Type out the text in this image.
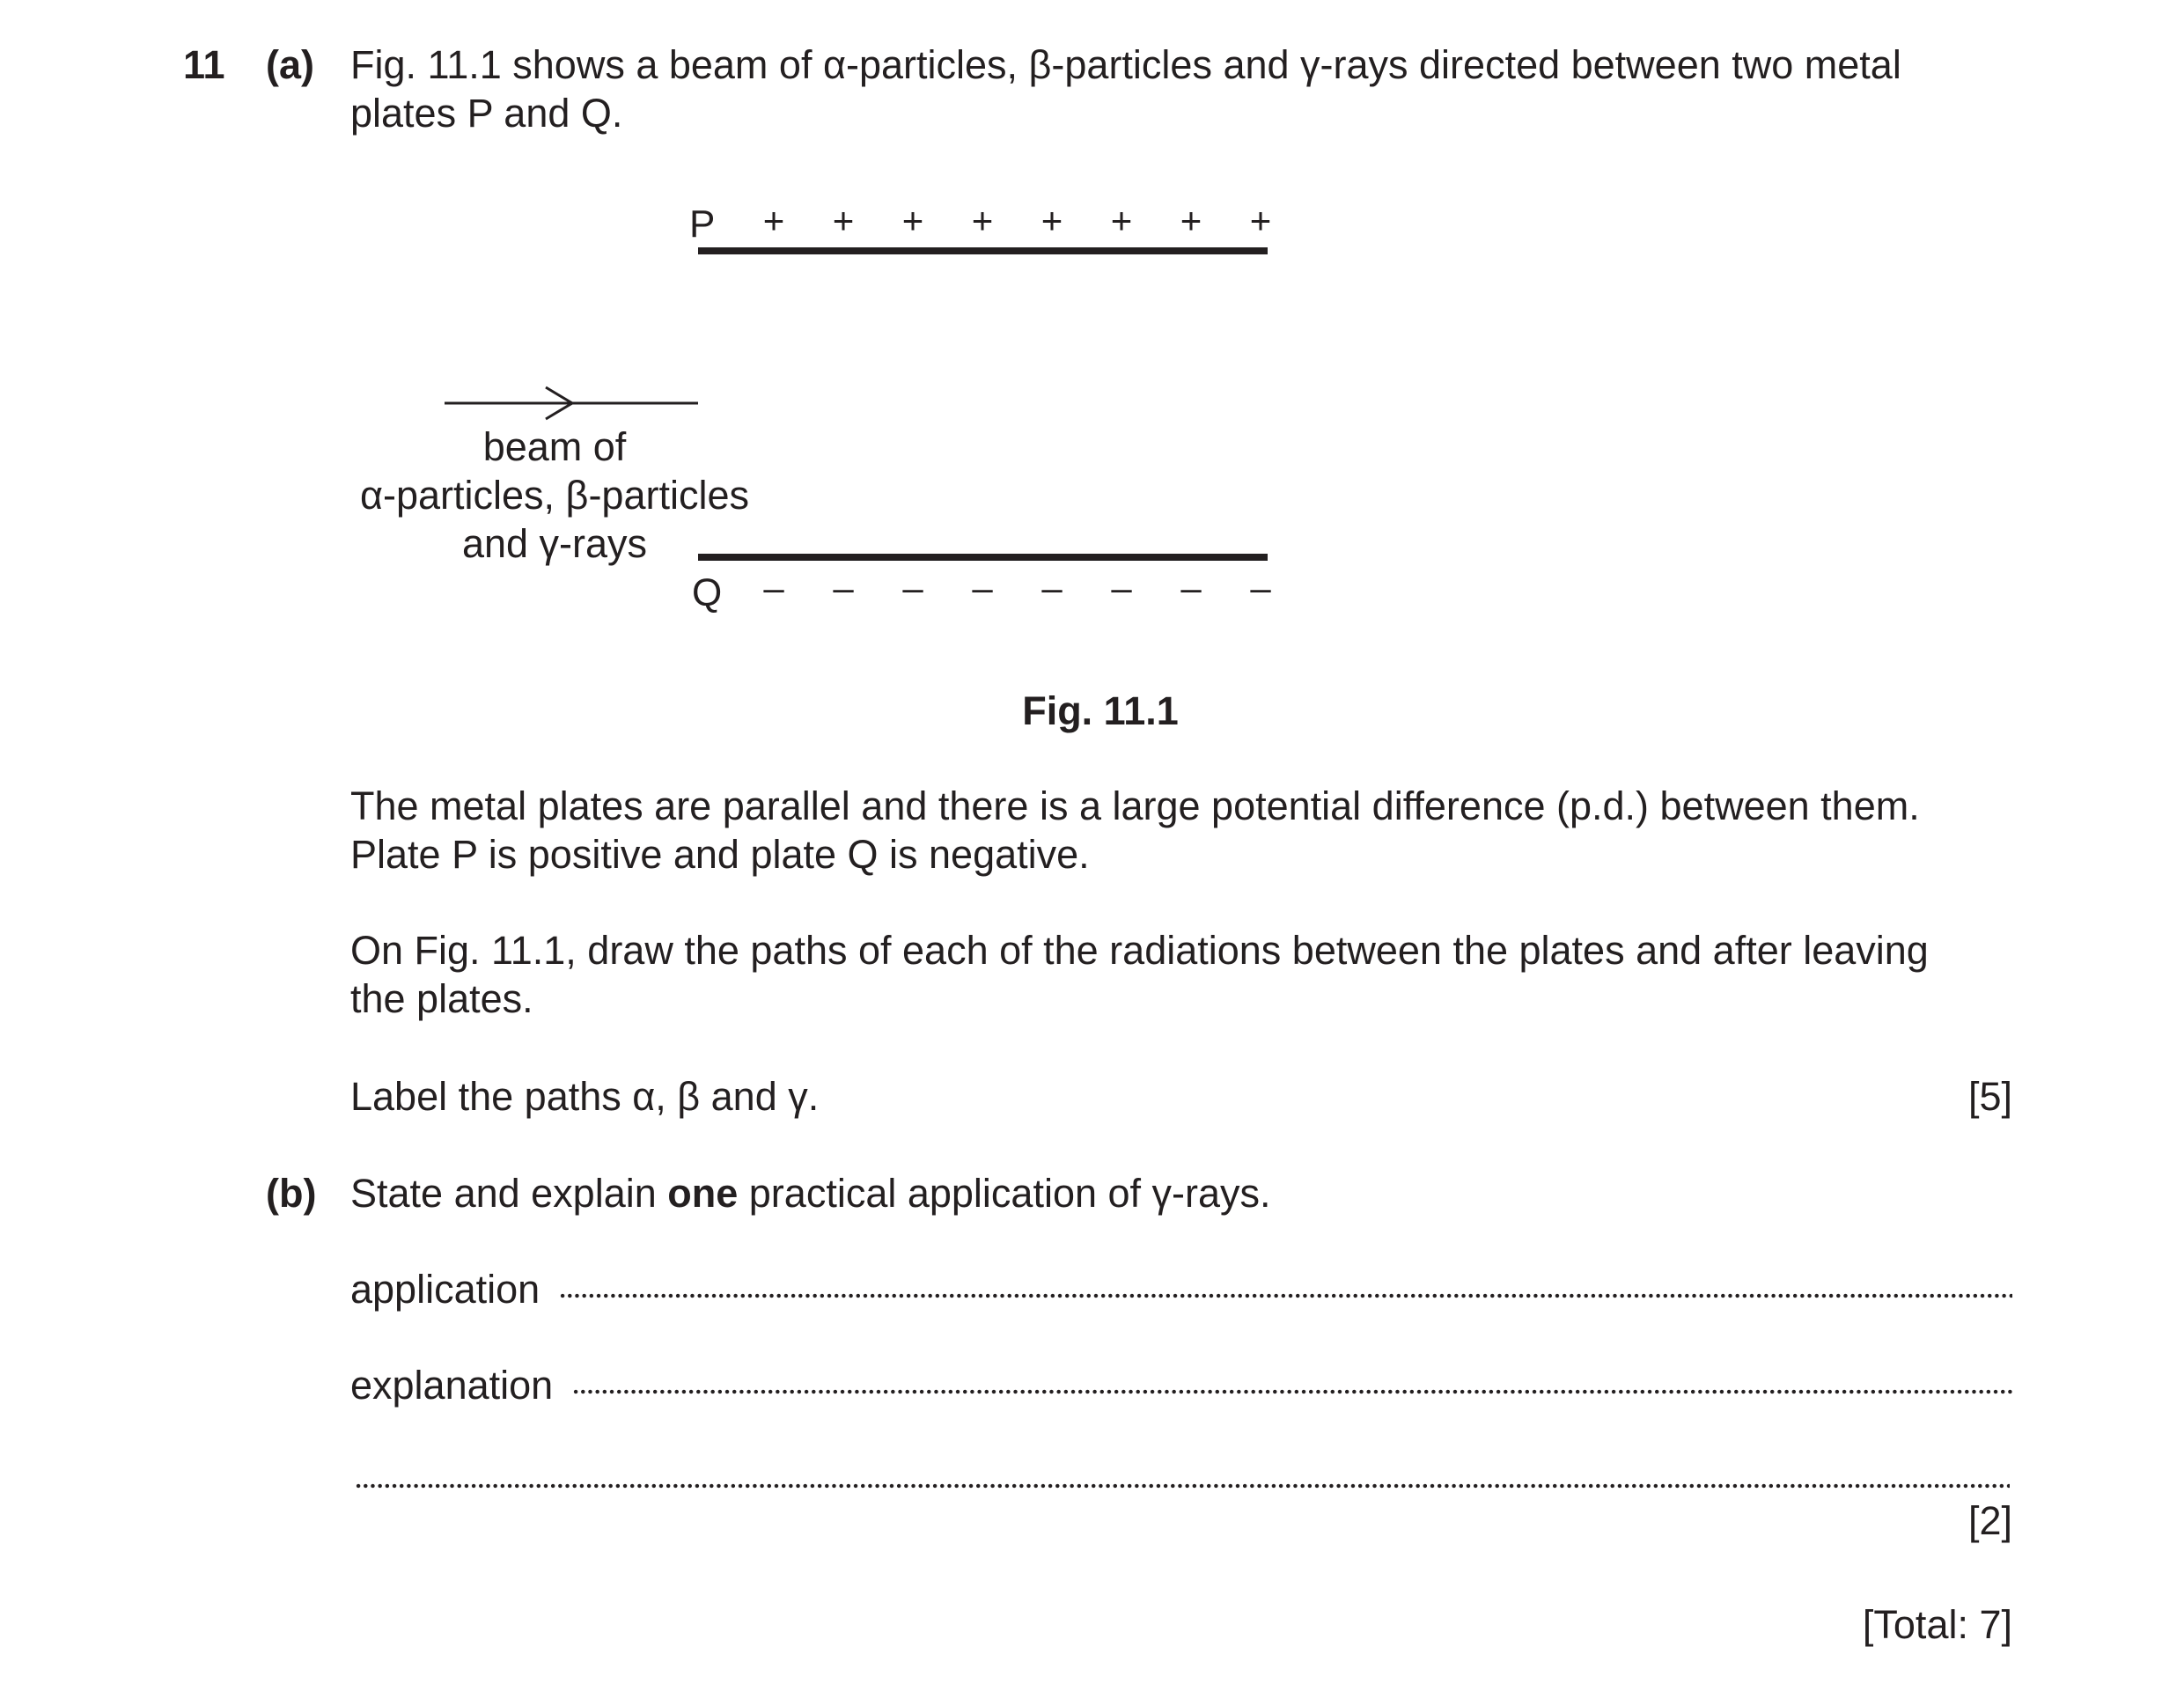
11 (a) Fig. 11.1 shows a beam of α-particles, β-particles and γ-rays directed between two metal
plates P and Q.
P + + + + + + + +
Q – – – – – – – –
beam of
α-particles, β-particles
and γ-rays
Fig. 11.1
The metal plates are parallel and there is a large potential difference (p.d.) between them.
Plate P is positive and plate Q is negative.
On Fig. 11.1, draw the paths of each of the radiations between the plates and after leaving
the plates.
Label the paths α, β and γ.	[5]
(b) State and explain one practical application of γ-rays.
application
explanation
[2]
[Total: 7]
